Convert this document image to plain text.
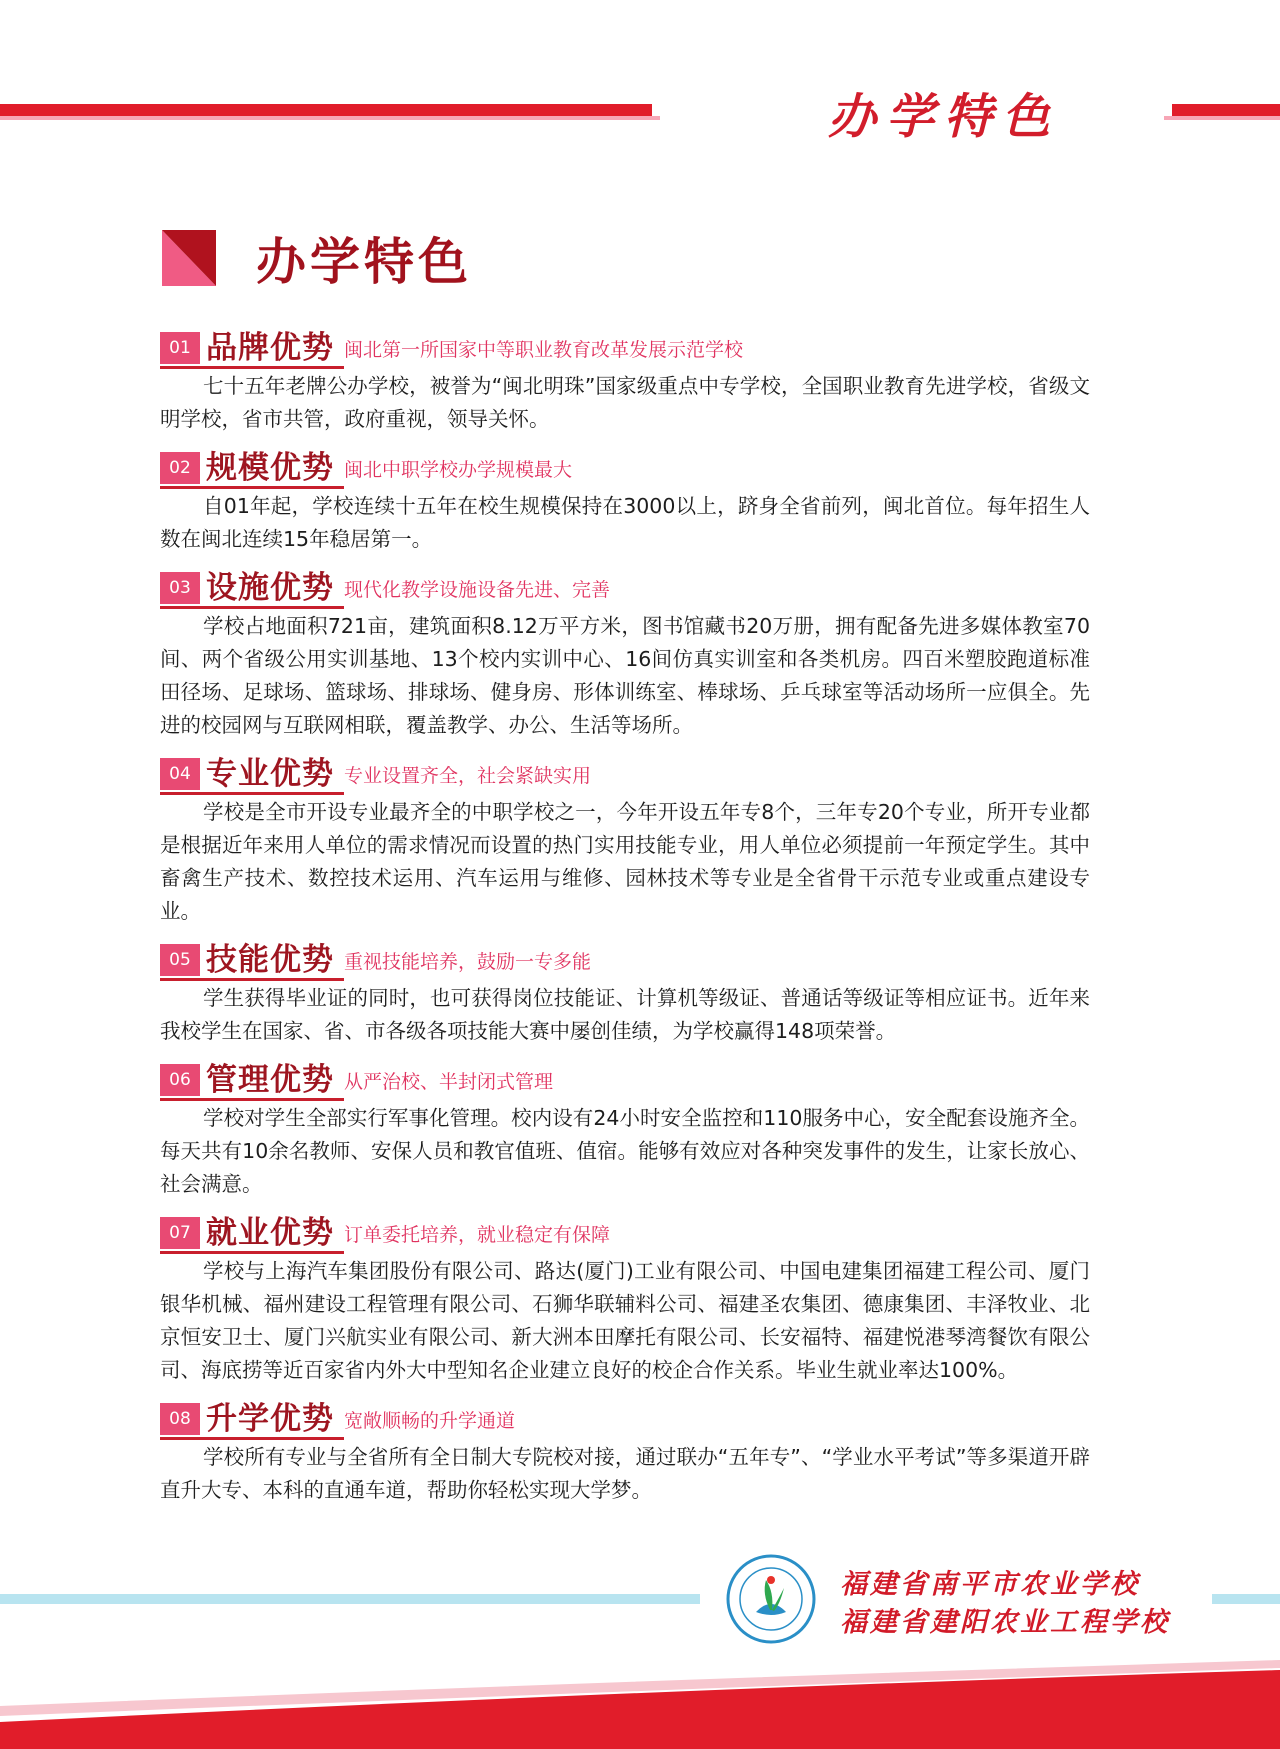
办学特色
办学特色
01 品牌优势 闽北第一所国家中等职业教育改革发展示范学校
七十五年老牌公办学校，被誉为“闽北明珠”国家级重点中专学校，全国职业教育先进学校，省级文明学校，省市共管，政府重视，领导关怀。
02 规模优势 闽北中职学校办学规模最大
自01年起，学校连续十五年在校生规模保持在3000以上，跻身全省前列，闽北首位。每年招生人数在闽北连续15年稳居第一。
03 设施优势 现代化教学设施设备先进、完善
学校占地面积721亩，建筑面积8.12万平方米，图书馆藏书20万册，拥有配备先进多媒体教室70间、两个省级公用实训基地、13个校内实训中心、16间仿真实训室和各类机房。四百米塑胶跑道标准田径场、足球场、篮球场、排球场、健身房、形体训练室、棒球场、乒乓球室等活动场所一应俱全。先进的校园网与互联网相联，覆盖教学、办公、生活等场所。
04 专业优势 专业设置齐全，社会紧缺实用
学校是全市开设专业最齐全的中职学校之一，今年开设五年专8个，三年专20个专业，所开专业都是根据近年来用人单位的需求情况而设置的热门实用技能专业，用人单位必须提前一年预定学生。其中畜禽生产技术、数控技术运用、汽车运用与维修、园林技术等专业是全省骨干示范专业或重点建设专业。
05 技能优势 重视技能培养，鼓励一专多能
学生获得毕业证的同时，也可获得岗位技能证、计算机等级证、普通话等级证等相应证书。近年来我校学生在国家、省、市各级各项技能大赛中屡创佳绩，为学校赢得148项荣誉。
06 管理优势 从严治校、半封闭式管理
学校对学生全部实行军事化管理。校内设有24小时安全监控和110服务中心，安全配套设施齐全。每天共有10余名教师、安保人员和教官值班、值宿。能够有效应对各种突发事件的发生，让家长放心、社会满意。
07 就业优势 订单委托培养，就业稳定有保障
学校与上海汽车集团股份有限公司、路达(厦门)工业有限公司、中国电建集团福建工程公司、厦门银华机械、福州建设工程管理有限公司、石狮华联辅料公司、福建圣农集团、德康集团、丰泽牧业、北京恒安卫士、厦门兴航实业有限公司、新大洲本田摩托有限公司、长安福特、福建悦港琴湾餐饮有限公司、海底捞等近百家省内外大中型知名企业建立良好的校企合作关系。毕业生就业率达100%。
08 升学优势 宽敞顺畅的升学通道
学校所有专业与全省所有全日制大专院校对接，通过联办“五年专”、“学业水平考试”等多渠道开辟直升大专、本科的直通车道，帮助你轻松实现大学梦。
福建省南平市农业学校
福建省建阳农业工程学校
